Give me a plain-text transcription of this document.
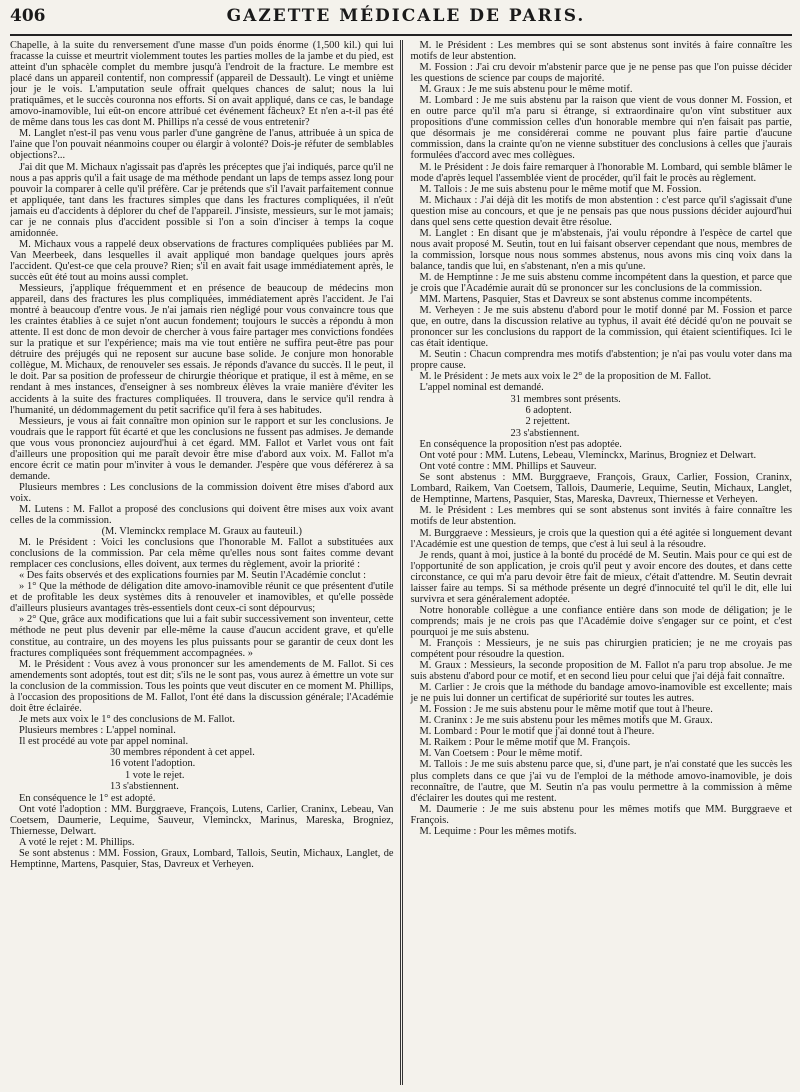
406	GAZETTE MÉDICALE DE PARIS.

Chapelle, à la suite du renversement d'une masse d'un poids énorme (1,500 kil.) qui lui fracasse la cuisse et meurtrit violemment toutes les parties molles de la jambe et du pied, est atteint d'un sphacèle complet du membre jusqu'à l'endroit de la fracture. Le membre est placé dans un appareil contentif, non compressif (appareil de Dessault). Le vingt et unième jour je le vois. L'amputation seule offrait quelques chances de salut; nous la lui pratiquâmes, et le succès couronna nos efforts. Si on avait appliqué, dans ce cas, le bandage amovo-inamovible, lui eût-on encore attribué cet événement fâcheux? Et n'en a-t-il pas été de même dans tous les cas dont M. Phillips n'a cessé de vous entretenir?

M. Langlet n'est-il pas venu vous parler d'une gangrène de l'anus, attribuée à un spica de l'aine que l'on pouvait néanmoins couper ou élargir à volonté? Dois-je réfuter de semblables objections?...

J'ai dit que M. Michaux n'agissait pas d'après les préceptes que j'ai indiqués, parce qu'il ne nous a pas appris qu'il a fait usage de ma méthode pendant un laps de temps assez long pour pouvoir la comparer à celle qu'il préfère. Car je prétends que s'il l'avait parfaitement connue et appliquée, tant dans les fractures simples que dans les fractures compliquées, il n'eût jamais eu d'accidents à déplorer du chef de l'appareil. J'insiste, messieurs, sur le mot jamais; car je ne connais plus d'accident possible si l'on a soin d'inciser à temps la coque amidonnée.

M. Michaux vous a rappelé deux observations de fractures compliquées publiées par M. Van Meerbeek, dans lesquelles il avait appliqué mon bandage quelques jours après l'accident. Qu'est-ce que cela prouve? Rien; s'il en avait fait usage immédiatement après, le succès eût été tout au moins aussi complet.

Messieurs, j'applique fréquemment et en présence de beaucoup de médecins mon appareil, dans des fractures les plus compliquées, immédiatement après l'accident. Je l'ai montré à beaucoup d'entre vous. Je n'ai jamais rien négligé pour vous convaincre tous que les craintes établies à ce sujet n'ont aucun fondement; toujours le succès a répondu à mon attente. Il est donc de mon devoir de chercher à vous faire partager mes convictions fondées sur la pratique et sur l'expérience; mais ma vie tout entière ne suffira peut-être pas pour détruire des préjugés qui ne reposent sur aucune base solide. Je conjure mon honorable collègue, M. Michaux, de renouveler ses essais. Je réponds d'avance du succès. Il le peut, il le doit. Par sa position de professeur de chirurgie théorique et pratique, il est à même, en se rendant à mes instances, d'enseigner à ses nombreux élèves la vraie manière d'éviter les accidents à la suite des fractures compliquées. Il trouvera, dans le service qu'il rendra à l'humanité, un dédommagement du petit sacrifice qu'il fera à ses habitudes.

Messieurs, je vous ai fait connaître mon opinion sur le rapport et sur les conclusions. Je voudrais que le rapport fût écarté et que les conclusions ne fussent pas admises. Je demande que vous vous prononciez aujourd'hui à cet égard. MM. Fallot et Varlet vous ont fait d'ailleurs une proposition qui me paraît devoir être mise d'abord aux voix. M. Fallot m'a encore écrit ce matin pour m'inviter à vous le demander. J'espère que vous déférerez à sa demande.

Plusieurs membres : Les conclusions de la commission doivent être mises d'abord aux voix.

M. Lutens : M. Fallot a proposé des conclusions qui doivent être mises aux voix avant celles de la commission.

(M. Vleminckx remplace M. Graux au fauteuil.)

M. le Président : Voici les conclusions que l'honorable M. Fallot a substituées aux conclusions de la commission. Par cela même qu'elles nous sont faites comme devant remplacer ces conclusions, elles doivent, aux termes du règlement, avoir la priorité :

« Des faits observés et des explications fournies par M. Seutin l'Académie conclut :

» 1° Que la méthode de déligation dite amovo-inamovible réunit ce que présentent d'utile et de profitable les deux systèmes dits à renouveler et inamovibles, et qu'elle possède d'ailleurs plusieurs avantages très-essentiels dont ceux-ci sont dépourvus;

» 2° Que, grâce aux modifications que lui a fait subir successivement son inventeur, cette méthode ne peut plus devenir par elle-même la cause d'aucun accident grave, et qu'elle constitue, au contraire, un des moyens les plus puissants pour se garantir de ceux dont les fractures compliquées sont fréquemment accompagnées. »

M. le Président : Vous avez à vous prononcer sur les amendements de M. Fallot. Si ces amendements sont adoptés, tout est dit; s'ils ne le sont pas, vous aurez à émettre un vote sur la conclusion de la commission. Tous les points que veut discuter en ce moment M. Phillips, à l'occasion des propositions de M. Fallot, l'ont été dans la discussion générale; l'Académie doit être éclairée.

Je mets aux voix le 1° des conclusions de M. Fallot.

Plusieurs membres : L'appel nominal.

Il est procédé au vote par appel nominal.

30 membres répondent à cet appel.

16 votent l'adoption.

1 vote le rejet.

13 s'abstiennent.

En conséquence le 1° est adopté.

Ont voté l'adoption : MM. Burggraeve, François, Lutens, Carlier, Craninx, Lebeau, Van Coetsem, Daumerie, Lequime, Sauveur, Vleminckx, Marinus, Mareska, Brogniez, Thiernesse, Delwart.

A voté le rejet : M. Phillips.

Se sont abstenus : MM. Fossion, Graux, Lombard, Tallois, Seutin, Michaux, Langlet, de Hemptinne, Martens, Pasquier, Stas, Davreux et Verheyen.

M. le Président : Les membres qui se sont abstenus sont invités à faire connaître les motifs de leur abstention.

M. Fossion : J'ai cru devoir m'abstenir parce que je ne pense pas que l'on puisse décider les questions de science par coups de majorité.

M. Graux : Je me suis abstenu pour le même motif.

M. Lombard : Je me suis abstenu par la raison que vient de vous donner M. Fossion, et en outre parce qu'il m'a paru si étrange, si extraordinaire qu'on vînt substituer aux propositions d'une commission celles d'un honorable membre qui n'en faisait pas partie, que désormais je me considérerai comme ne pouvant plus faire partie d'aucune commission, dans la crainte qu'on ne vienne substituer des conclusions à celles que j'aurais formulées d'accord avec mes collègues.

M. le Président : Je dois faire remarquer à l'honorable M. Lombard, qui semble blâmer le mode d'après lequel l'assemblée vient de procéder, qu'il fait le procès au règlement.

M. Tallois : Je me suis abstenu pour le même motif que M. Fossion.

M. Michaux : J'ai déjà dit les motifs de mon abstention : c'est parce qu'il s'agissait d'une question mise au concours, et que je ne pensais pas que nous pussions décider aujourd'hui dans quel sens cette question devait être résolue.

M. Langlet : En disant que je m'abstenais, j'ai voulu répondre à l'espèce de cartel que nous avait proposé M. Seutin, tout en lui faisant observer cependant que nous, membres de la commission, lorsque nous nous sommes abstenus, nous avons mis cinq voix dans la balance, tandis que lui, en s'abstenant, n'en a mis qu'une.

M. de Hemptinne : Je me suis abstenu comme incompétent dans la question, et parce que je crois que l'Académie aurait dû se prononcer sur les conclusions de la commission.

MM. Martens, Pasquier, Stas et Davreux se sont abstenus comme incompétents.

M. Verheyen : Je me suis abstenu d'abord pour le motif donné par M. Fossion et parce que, en outre, dans la discussion relative au typhus, il avait été décidé qu'on ne pouvait se prononcer sur les conclusions du rapport de la commission, qui étaient scientifiques. Ici le cas était identique.

M. Seutin : Chacun comprendra mes motifs d'abstention; je n'ai pas voulu voter dans ma propre cause.

M. le Président : Je mets aux voix le 2° de la proposition de M. Fallot.

L'appel nominal est demandé.

31 membres sont présents.

6 adoptent.

2 rejettent.

23 s'abstiennent.

En conséquence la proposition n'est pas adoptée.

Ont voté pour : MM. Lutens, Lebeau, Vleminckx, Marinus, Brogniez et Delwart.

Ont voté contre : MM. Phillips et Sauveur.

Se sont abstenus : MM. Burggraeve, François, Graux, Carlier, Fossion, Craninx, Lombard, Raikem, Van Coetsem, Tallois, Daumerie, Lequime, Seutin, Michaux, Langlet, de Hemptinne, Martens, Pasquier, Stas, Mareska, Davreux, Thiernesse et Verheyen.

M. le Président : Les membres qui se sont abstenus sont invités à faire connaître les motifs de leur abstention.

M. Burggraeve : Messieurs, je crois que la question qui a été agitée si longuement devant l'Académie est une question de temps, que c'est à lui seul à la résoudre.

Je rends, quant à moi, justice à la bonté du procédé de M. Seutin. Mais pour ce qui est de l'opportunité de son application, je crois qu'il peut y avoir encore des doutes, et dans cette circonstance, ce qui m'a paru devoir être fait de mieux, c'était d'attendre. M. Seutin devrait laisser faire au temps. Si sa méthode présente un degré d'innocuité tel qu'il le dit, elle lui survivra et sera généralement adoptée.

Notre honorable collègue a une confiance entière dans son mode de déligation; je le comprends; mais je ne crois pas que l'Académie doive s'engager sur ce point, et c'est pourquoi je me suis abstenu.

M. François : Messieurs, je ne suis pas chirurgien praticien; je ne me croyais pas compétent pour résoudre la question.

M. Graux : Messieurs, la seconde proposition de M. Fallot n'a paru trop absolue. Je me suis abstenu d'abord pour ce motif, et en second lieu pour celui que j'ai déjà fait connaître.

M. Carlier : Je crois que la méthode du bandage amovo-inamovible est excellente; mais je ne puis lui donner un certificat de supériorité sur toutes les autres.

M. Fossion : Je me suis abstenu pour le même motif que tout à l'heure.

M. Craninx : Je me suis abstenu pour les mêmes motifs que M. Graux.

M. Lombard : Pour le motif que j'ai donné tout à l'heure.

M. Raikem : Pour le même motif que M. François.

M. Van Coetsem : Pour le même motif.

M. Tallois : Je me suis abstenu parce que, si, d'une part, je n'ai constaté que les succès les plus complets dans ce que j'ai vu de l'emploi de la méthode amovo-inamovible, je dois reconnaître, de l'autre, que M. Seutin n'a pas voulu permettre à la commission à même d'éclairer les doutes qui me restent.

M. Daumerie : Je me suis abstenu pour les mêmes motifs que MM. Burggraeve et François.

M. Lequime : Pour les mêmes motifs.
